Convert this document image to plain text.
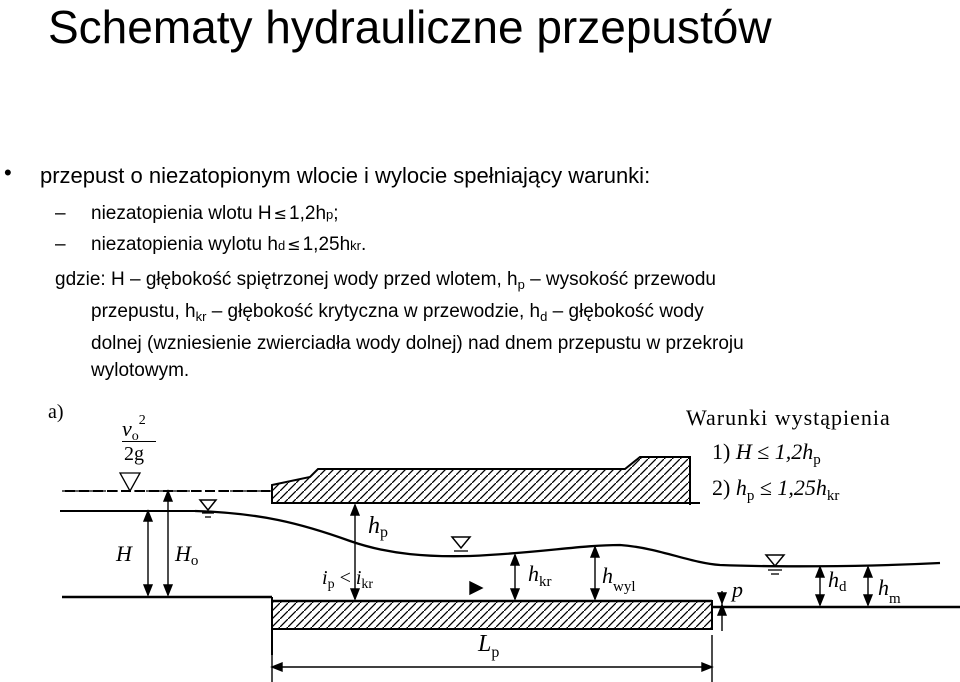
Schematy hydrauliczne przepustów
• przepust o niezatopionym wlocie i wylocie spełniający warunki:
–	niezatopienia wlotu H ≤ 1,2h p ;
–	niezatopienia wylotu h d ≤ 1,25h kr .
gdzie: H – głębokość spiętrzonej wody przed wlotem, $h_p$ – wysokość przewodu
przepustu, $h_{kr}$ – głębokość krytyczna w przewodzie, $h_d$ – głębokość wody
dolnej (wzniesienie zwierciadła wody dolnej) nad dnem przepustu w przekroju
wylotowym.
a)
$vo^2$
2g
H Ho
hp
$i_p < i_{kr}$	$h_{kr}$ $h_{wyl}$	p	hd $h_m$
$L_p$
Warunki wystąpienia
1) $H \le 1,2h_p$
2) $h_p \le 1,25h_{kr}$
